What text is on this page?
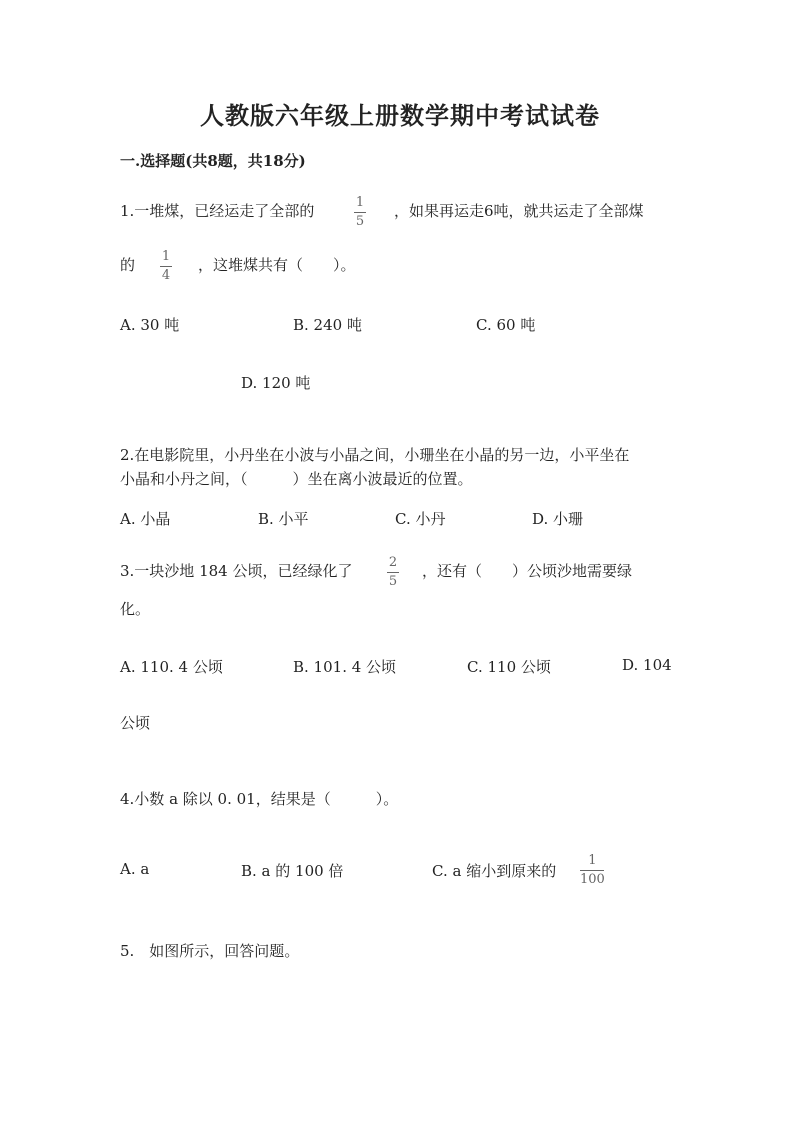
人教版六年级上册数学期中考试试卷
一.选择题(共8题，共18分)
1.一堆煤，已经运走了全部的	1
5
，如果再运走6吨，就共运走了全部煤
的 1
4
，这堆煤共有（　　）。
A. 30 吨	B. 240 吨	C. 60 吨
D. 120 吨
2.在电影院里，小丹坐在小波与小晶之间，小珊坐在小晶的另一边，小平坐在
小晶和小丹之间，（　　　）坐在离小波最近的位置。
A. 小晶	B. 小平	C. 小丹	D. 小珊
3.一块沙地 184 公顷，已经绿化了	2
5
，还有（　　）公顷沙地需要绿
化。
A. 110. 4 公顷	B. 101. 4 公顷	C. 110 公顷	D. 104
公顷
4.小数 a 除以 0. 01，结果是（　　　）。
A. a	B. a 的 100 倍	C. a 缩小到原来的
1
100
5.　如图所示，回答问题。
